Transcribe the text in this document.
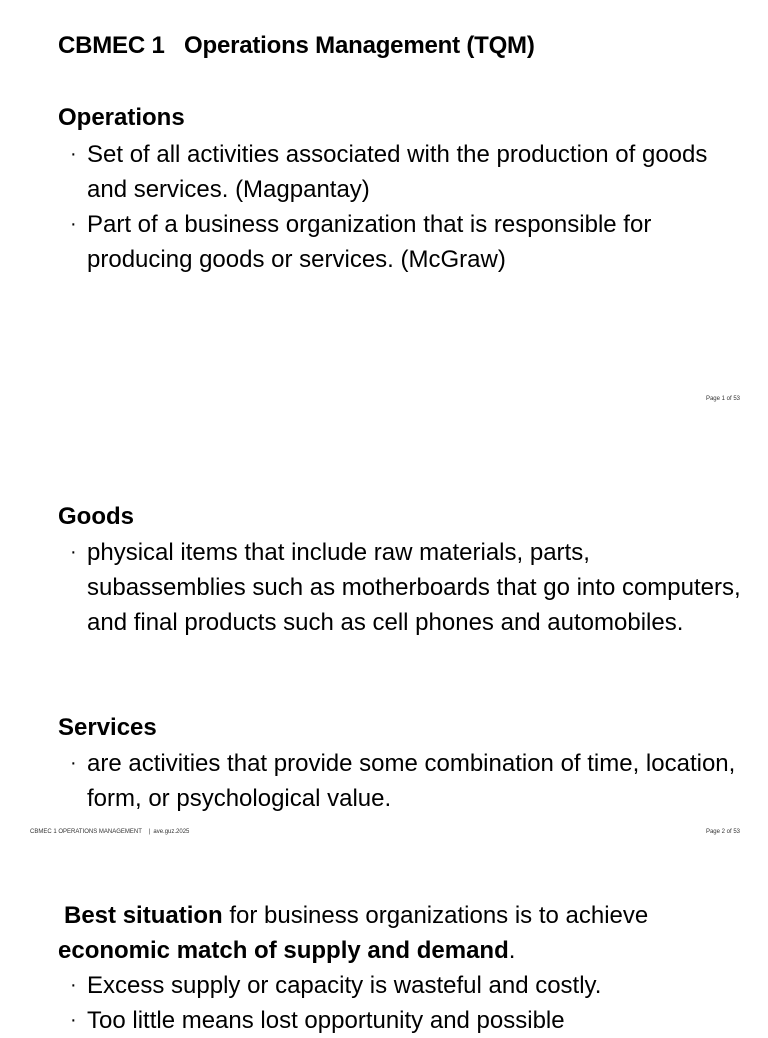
CBMEC 1   Operations Management (TQM)
Operations
· Set of all activities associated with the production of goods and services. (Magpantay)
· Part of a business organization that is responsible for producing goods or services. (McGraw)
Page 1 of 53
Goods
· physical items that include raw materials, parts, subassemblies such as motherboards that go into computers, and final products such as cell phones and automobiles.
Services
· are activities that provide some combination of time, location, form, or psychological value.
CBMEC 1 OPERATIONS MANAGEMENT    |  ave.guz.2025	Page 2 of 53
Best situation for business organizations is to achieve economic match of supply and demand.
· Excess supply or capacity is wasteful and costly.
· Too little means lost opportunity and possible
